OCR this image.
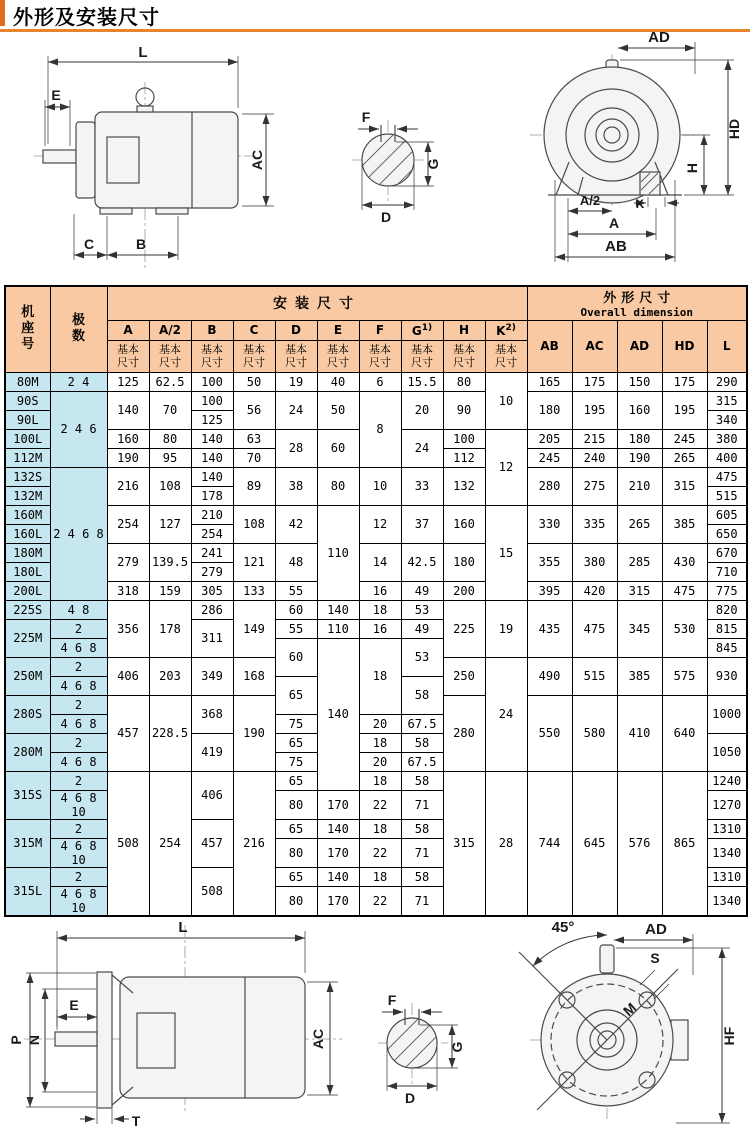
外形及安装尺寸
L
E
AC
C	B
F
G
D
AD
HD
H
K
A/2
A
AB
机座号	极数	安装尺寸										外形尺寸
Overall dimension				

		A	A/2	B	C	D	E	F	$G^{1)}$	H	$K^{2)}$	AB	AC	AD	HD	L

		基本尺寸	基本尺寸	基本尺寸	基本尺寸	基本尺寸	基本尺寸	基本尺寸	基本尺寸	基本尺寸	基本尺寸					

80M	2 4	125	62.5	100	50	19	40	6	15.5	80	10	165	175	150	175	290
90S	2 4 6	140	70	100	56	24	50	8	20	90		180	195	160	195	315
90L				125												340
100L		160	80	140	63	28	60		24	100	12	205	215	180	245	380
112M		190	95	140	70					112		245	240	190	265	400
132S	2 4 6 8	216	108	140	89	38	80	10	33	132		280	275	210	315	475
132M				178												515
160M		254	127	210	108	42	110	12	37	160	15	330	335	265	385	605
160L				254												650
180M		279	139.5	241	121	48		14	42.5	180		355	380	285	430	670
180L				279												710
200L		318	159	305	133	55		16	49	200		395	420	315	475	775
225S	4 8	356	178	286	149	60	140	18	53	225	19	435	475	345	530	820
225M	2			311		55	110	16	49							815
	4 6 8					60	140	18	53							845
250M	2	406	203	349	168					250	24	490	515	385	575	930
	4 6 8					65			58							
280S	2	457	228.5	368	190					280		550	580	410	640	1000
	4 6 8					75		20	67.5							
280M	2			419		65		18	58							1050
	4 6 8					75		20	67.5							
315S	2	508	254	406	216	65		18	58	315	28	744	645	576	865	1240
	4 6 8 10					80	170	22	71							1270
315M	2			457		65	140	18	58							1310
	4 6 8 10					80	170	22	71							1340
315L	2			508		65	140	18	58							1310
	4 6 8 10					80	170	22	71							1340
L
E
P N	AC
T
F
G
D
45°	AD
S
M
HF
